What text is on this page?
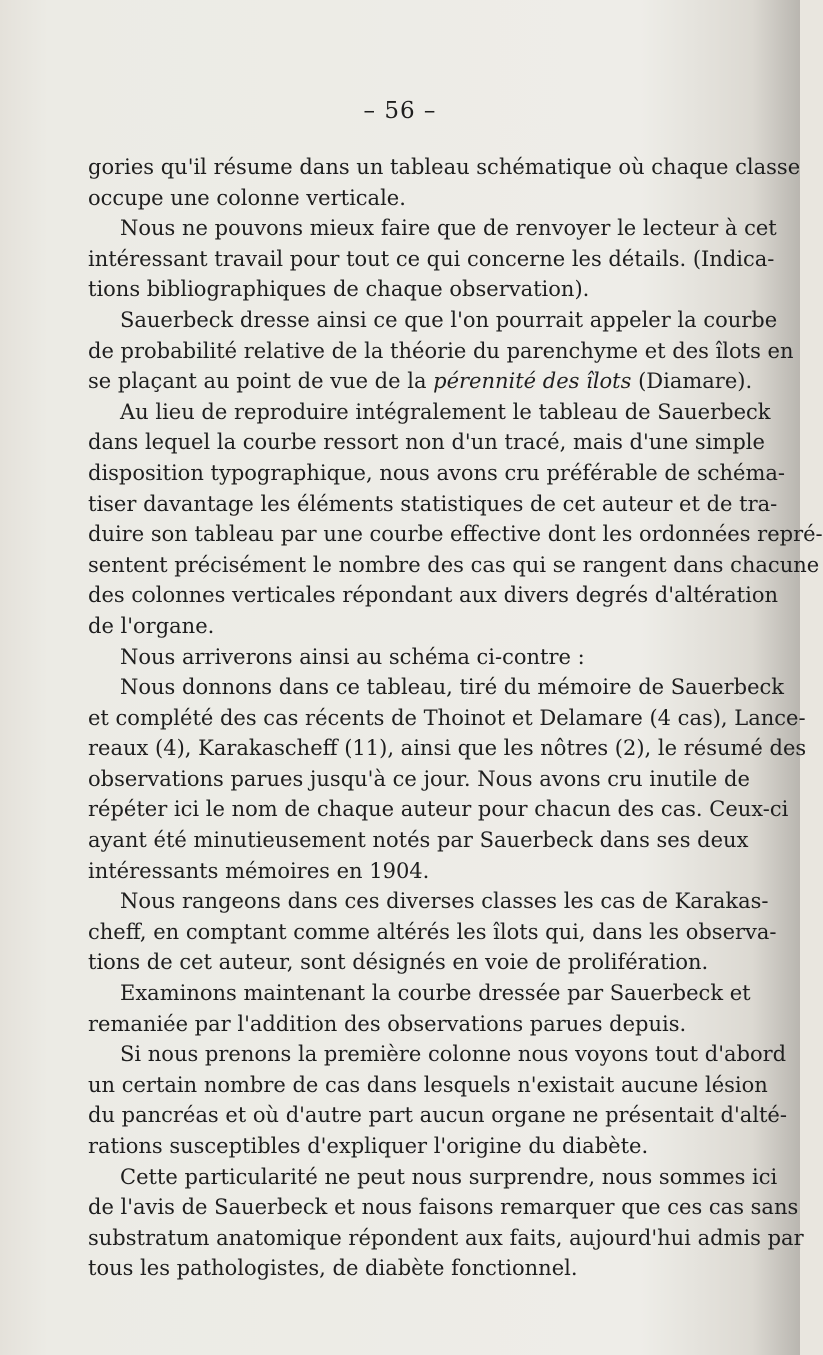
– 56 –
gories qu'il résume dans un tableau schématique où chaque classe
occupe une colonne verticale.
Nous ne pouvons mieux faire que de renvoyer le lecteur à cet
intéressant travail pour tout ce qui concerne les détails. (Indica-
tions bibliographiques de chaque observation).
Sauerbeck dresse ainsi ce que l'on pourrait appeler la courbe
de probabilité relative de la théorie du parenchyme et des îlots en
se plaçant au point de vue de la pérennité des îlots (Diamare).
Au lieu de reproduire intégralement le tableau de Sauerbeck
dans lequel la courbe ressort non d'un tracé, mais d'une simple
disposition typographique, nous avons cru préférable de schéma-
tiser davantage les éléments statistiques de cet auteur et de tra-
duire son tableau par une courbe effective dont les ordonnées repré-
sentent précisément le nombre des cas qui se rangent dans chacune
des colonnes verticales répondant aux divers degrés d'altération
de l'organe.
Nous arriverons ainsi au schéma ci-contre :
Nous donnons dans ce tableau, tiré du mémoire de Sauerbeck
et complété des cas récents de Thoinot et Delamare (4 cas), Lance-
reaux (4), Karakascheff (11), ainsi que les nôtres (2), le résumé des
observations parues jusqu'à ce jour. Nous avons cru inutile de
répéter ici le nom de chaque auteur pour chacun des cas. Ceux-ci
ayant été minutieusement notés par Sauerbeck dans ses deux
intéressants mémoires en 1904.
Nous rangeons dans ces diverses classes les cas de Karakas-
cheff, en comptant comme altérés les îlots qui, dans les observa-
tions de cet auteur, sont désignés en voie de prolifération.
Examinons maintenant la courbe dressée par Sauerbeck et
remaniée par l'addition des observations parues depuis.
Si nous prenons la première colonne nous voyons tout d'abord
un certain nombre de cas dans lesquels n'existait aucune lésion
du pancréas et où d'autre part aucun organe ne présentait d'alté-
rations susceptibles d'expliquer l'origine du diabète.
Cette particularité ne peut nous surprendre, nous sommes ici
de l'avis de Sauerbeck et nous faisons remarquer que ces cas sans
substratum anatomique répondent aux faits, aujourd'hui admis par
tous les pathologistes, de diabète fonctionnel.
